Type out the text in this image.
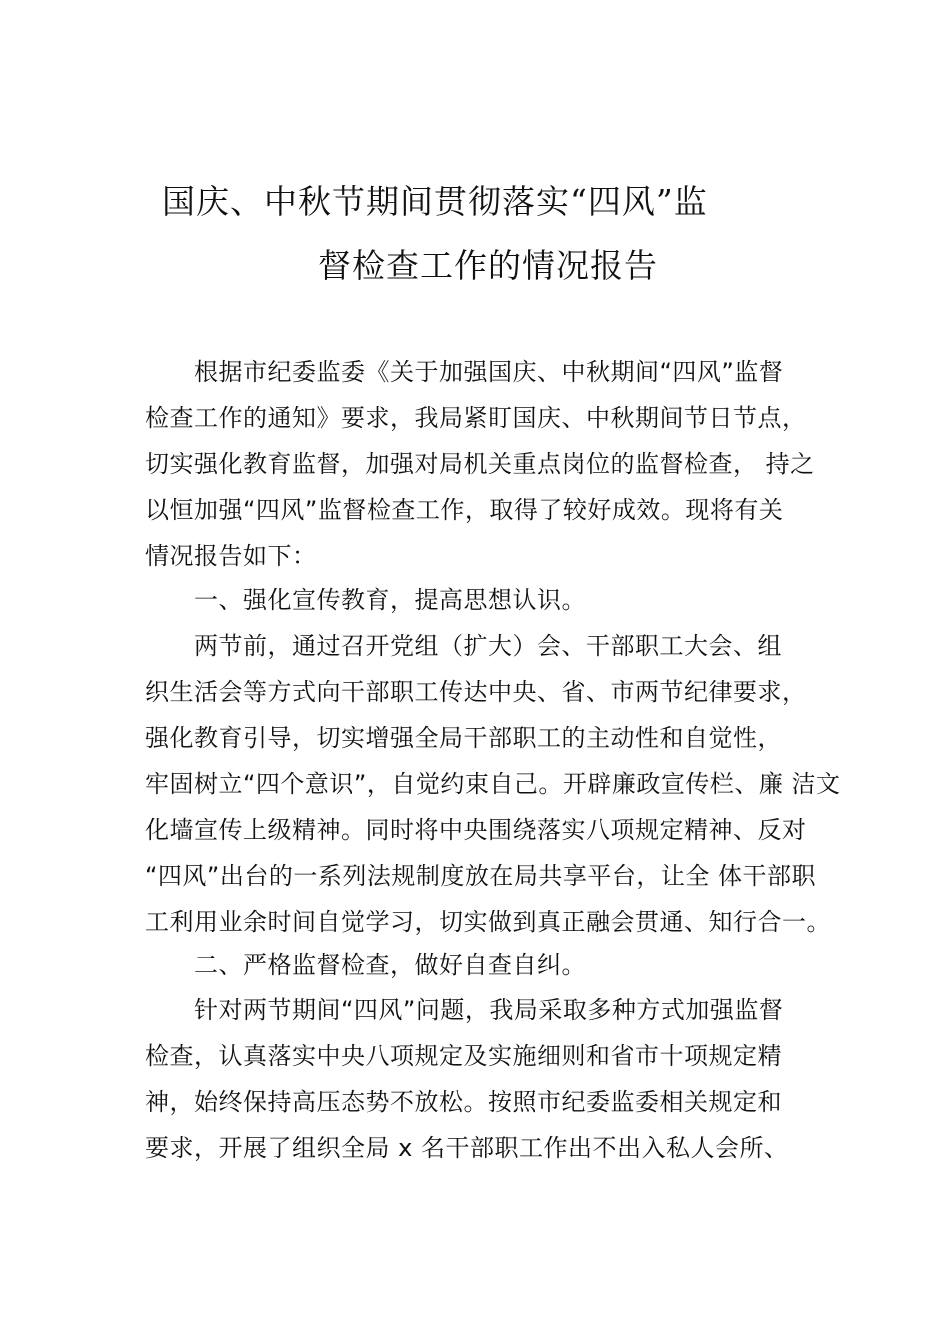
国庆、中秋节期间贯彻落实“四风”监
督检查工作的情况报告
根据市纪委监委《关于加强国庆、中秋期间“四风”监督
检查工作的通知》要求，我局紧盯国庆、中秋期间节日节点，
切实强化教育监督，加强对局机关重点岗位的监督检查， 持之
以恒加强“四风”监督检查工作，取得了较好成效。现将有关
情况报告如下：
一、强化宣传教育，提高思想认识。
两节前，通过召开党组（扩大）会、干部职工大会、组
织生活会等方式向干部职工传达中央、省、市两节纪律要求，
强化教育引导，切实增强全局干部职工的主动性和自觉性，
牢固树立“四个意识”，自觉约束自己。开辟廉政宣传栏、廉 洁文
化墙宣传上级精神。同时将中央围绕落实八项规定精神、反对
“四风”出台的一系列法规制度放在局共享平台，让全 体干部职
工利用业余时间自觉学习，切实做到真正融会贯通、知行合一。
二、严格监督检查，做好自查自纠。
针对两节期间“四风”问题，我局采取多种方式加强监督
检查，认真落实中央八项规定及实施细则和省市十项规定精
神，始终保持高压态势不放松。按照市纪委监委相关规定和
要求，开展了组织全局 x 名干部职工作出不出入私人会所、
